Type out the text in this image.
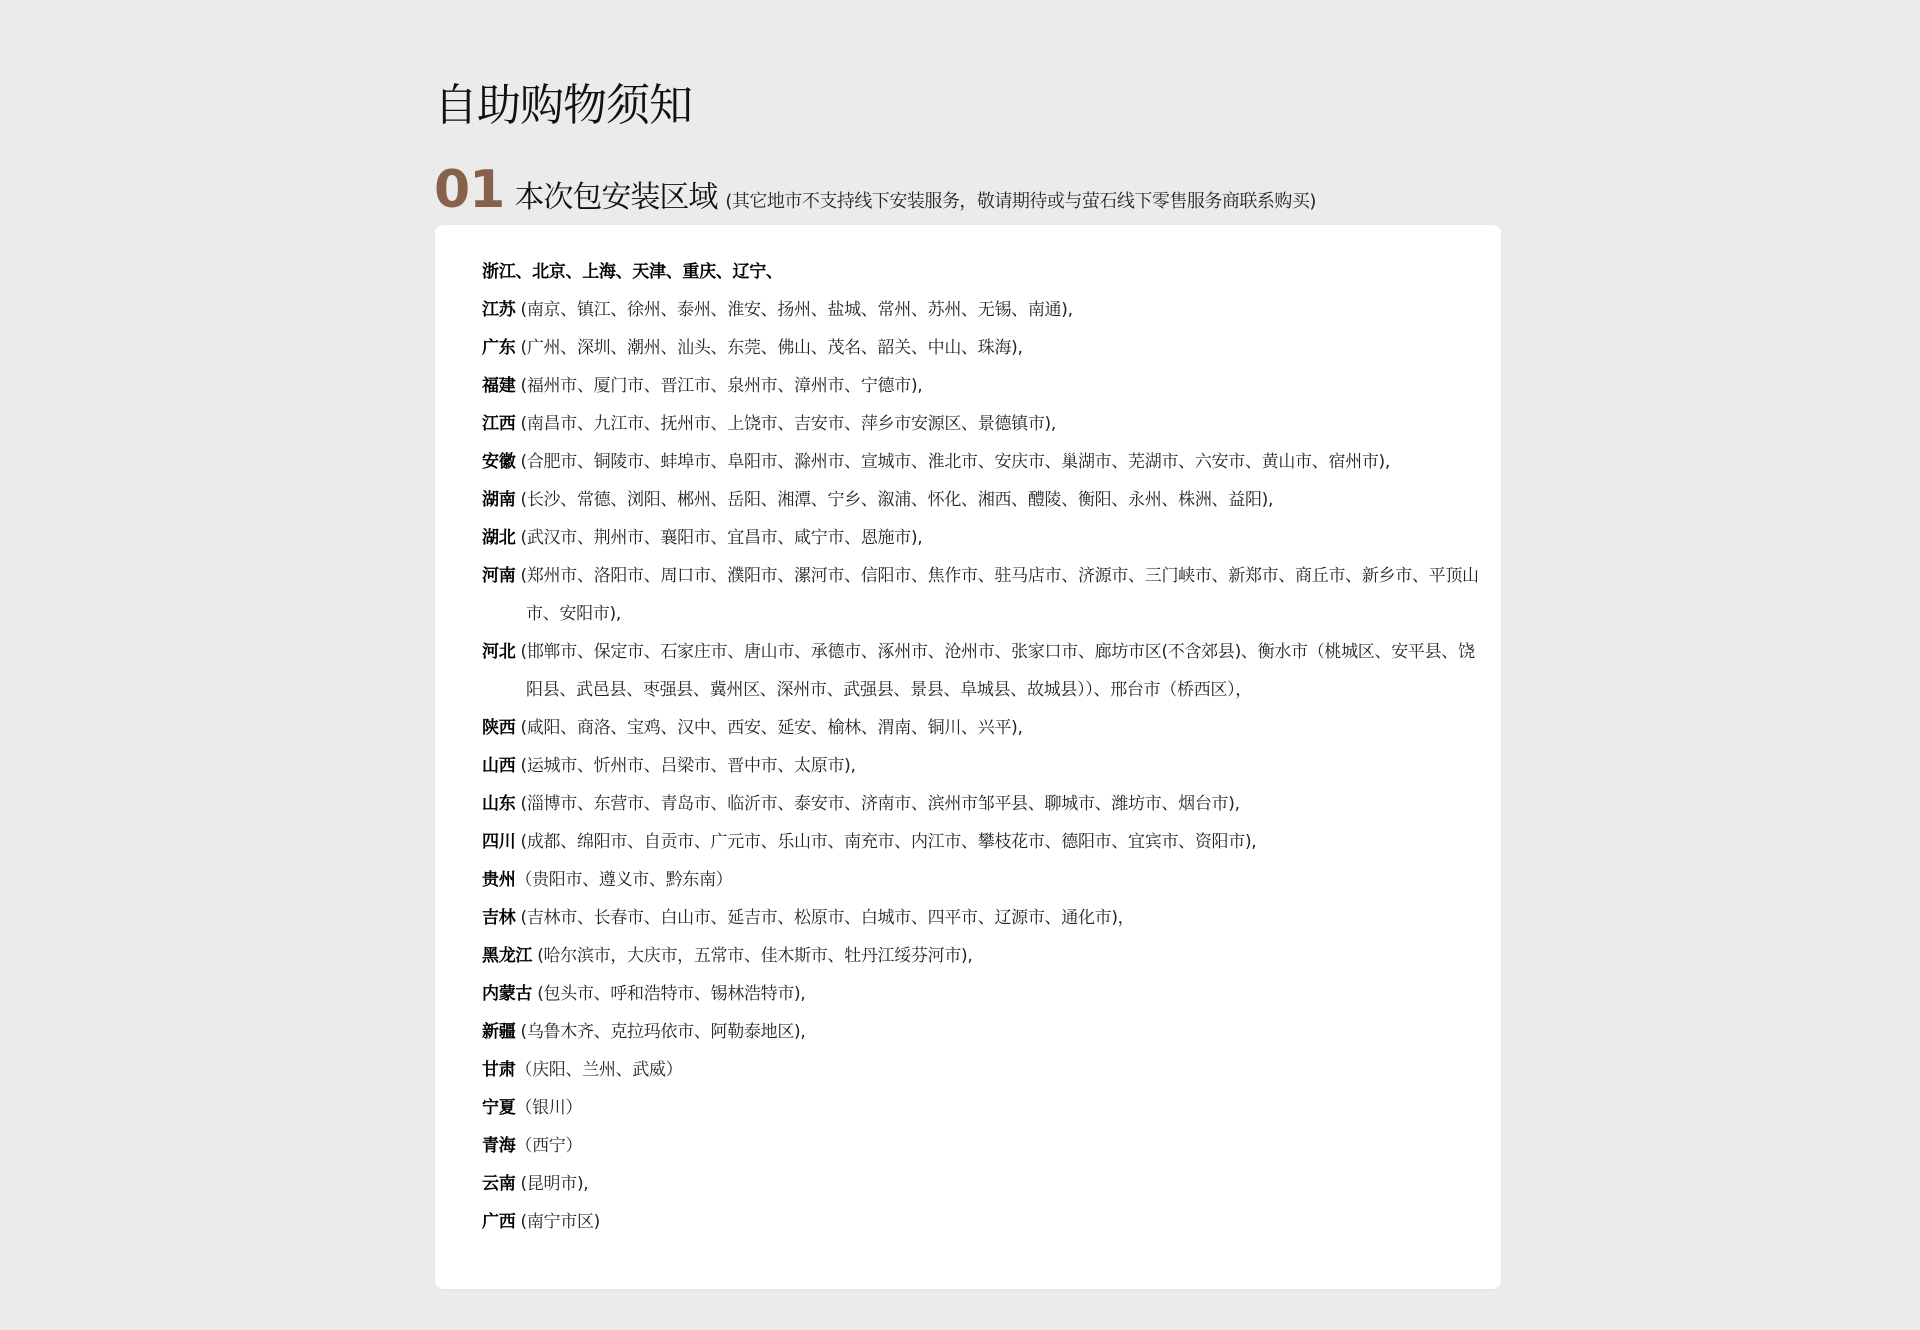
自助购物须知
01 本次包安装区域 (其它地市不支持线下安装服务，敬请期待或与萤石线下零售服务商联系购买)
浙江、北京、上海、天津、重庆、辽宁、
江苏 (南京、镇江、徐州、泰州、淮安、扬州、盐城、常州、苏州、无锡、南通),
广东 (广州、深圳、潮州、汕头、东莞、佛山、茂名、韶关、中山、珠海),
福建 (福州市、厦门市、晋江市、泉州市、漳州市、宁德市),
江西 (南昌市、九江市、抚州市、上饶市、吉安市、萍乡市安源区、景德镇市),
安徽 (合肥市、铜陵市、蚌埠市、阜阳市、滁州市、宣城市、淮北市、安庆市、巢湖市、芜湖市、六安市、黄山市、宿州市),
湖南 (长沙、常德、浏阳、郴州、岳阳、湘潭、宁乡、溆浦、怀化、湘西、醴陵、衡阳、永州、株洲、益阳),
湖北 (武汉市、荆州市、襄阳市、宜昌市、咸宁市、恩施市),
河南 (郑州市、洛阳市、周口市、濮阳市、漯河市、信阳市、焦作市、驻马店市、济源市、三门峡市、新郑市、商丘市、新乡市、平顶山市、安阳市),
河北 (邯郸市、保定市、石家庄市、唐山市、承德市、涿州市、沧州市、张家口市、廊坊市区(不含郊县)、衡水市（桃城区、安平县、饶阳县、武邑县、枣强县、冀州区、深州市、武强县、景县、阜城县、故城县））、邢台市（桥西区），
陕西 (咸阳、商洛、宝鸡、汉中、西安、延安、榆林、渭南、铜川、兴平),
山西 (运城市、忻州市、吕梁市、晋中市、太原市),
山东 (淄博市、东营市、青岛市、临沂市、泰安市、济南市、滨州市邹平县、聊城市、潍坊市、烟台市),
四川 (成都、绵阳市、自贡市、广元市、乐山市、南充市、内江市、攀枝花市、德阳市、宜宾市、资阳市),
贵州（贵阳市、遵义市、黔东南）
吉林 (吉林市、长春市、白山市、延吉市、松原市、白城市、四平市、辽源市、通化市)，
黑龙江 (哈尔滨市，大庆市，五常市、佳木斯市、牡丹江绥芬河市),
内蒙古 (包头市、呼和浩特市、锡林浩特市),
新疆 (乌鲁木齐、克拉玛依市、阿勒泰地区),
甘肃（庆阳、兰州、武威）
宁夏（银川）
青海（西宁）
云南 (昆明市),
广西 (南宁市区)
